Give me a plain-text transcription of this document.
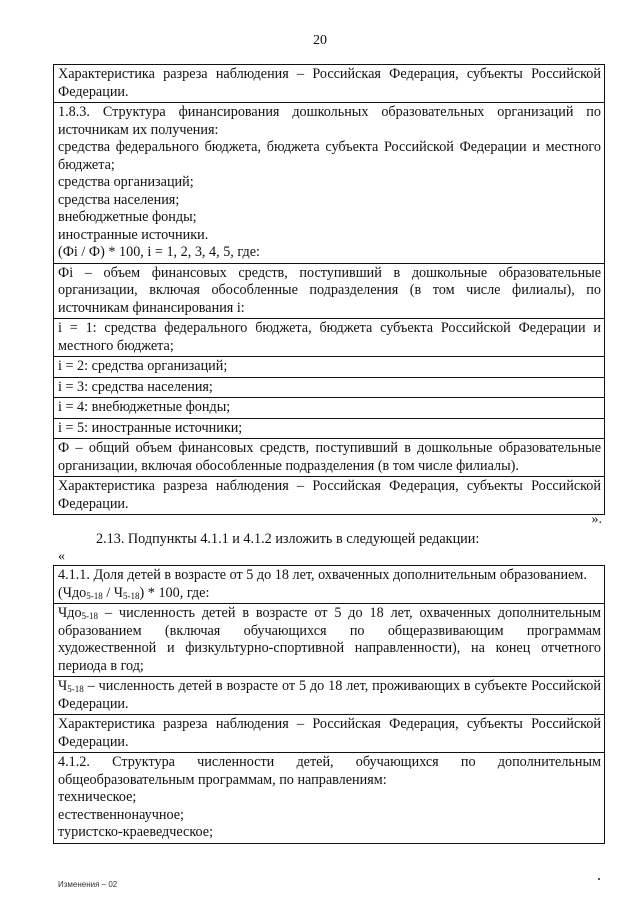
20

Характеристика разреза наблюдения – Российская Федерация, субъекты Российской Федерации.

1.8.3. Структура финансирования дошкольных образовательных организаций по источникам их получения:

средства федерального бюджета, бюджета субъекта Российской Федерации и местного бюджета;

средства организаций;
средства населения;
внебюджетные фонды;
иностранные источники.
(Фi / Ф) * 100, i = 1, 2, 3, 4, 5, где:

Фi – объем финансовых средств, поступивший в дошкольные образовательные организации, включая обособленные подразделения (в том числе филиалы), по источникам финансирования i:

i = 1: средства федерального бюджета, бюджета субъекта Российской Федерации и местного бюджета;

i = 2: средства организаций;
i = 3: средства населения;
i = 4: внебюджетные фонды;
i = 5: иностранные источники;

Ф – общий объем финансовых средств, поступивший в дошкольные образовательные организации, включая обособленные подразделения (в том числе филиалы).

Характеристика разреза наблюдения – Российская Федерация, субъекты Российской Федерации.

».
2.13. Подпункты 4.1.1 и 4.1.2 изложить в следующей редакции:
«

4.1.1. Доля детей в возрасте от 5 до 18 лет, охваченных дополнительным образованием.

$(Чдо_{5-18} / Ч_{5-18}) * 100$, где:

Чдо$_{5-18}$ – численность детей в возрасте от 5 до 18 лет, охваченных дополнительным образованием (включая обучающихся по общеразвивающим программам художественной и физкультурно-спортивной направленности), на конец отчетного периода в год;

$Ч_{5-18}$ – численность детей в возрасте от 5 до 18 лет, проживающих в субъекте Российской Федерации.

Характеристика разреза наблюдения – Российская Федерация, субъекты Российской Федерации.

4.1.2. Структура численности детей, обучающихся по дополнительным общеобразовательным программам, по направлениям:

техническое;
естественнонаучное;
туристско-краеведческое;
Изменения – 02
